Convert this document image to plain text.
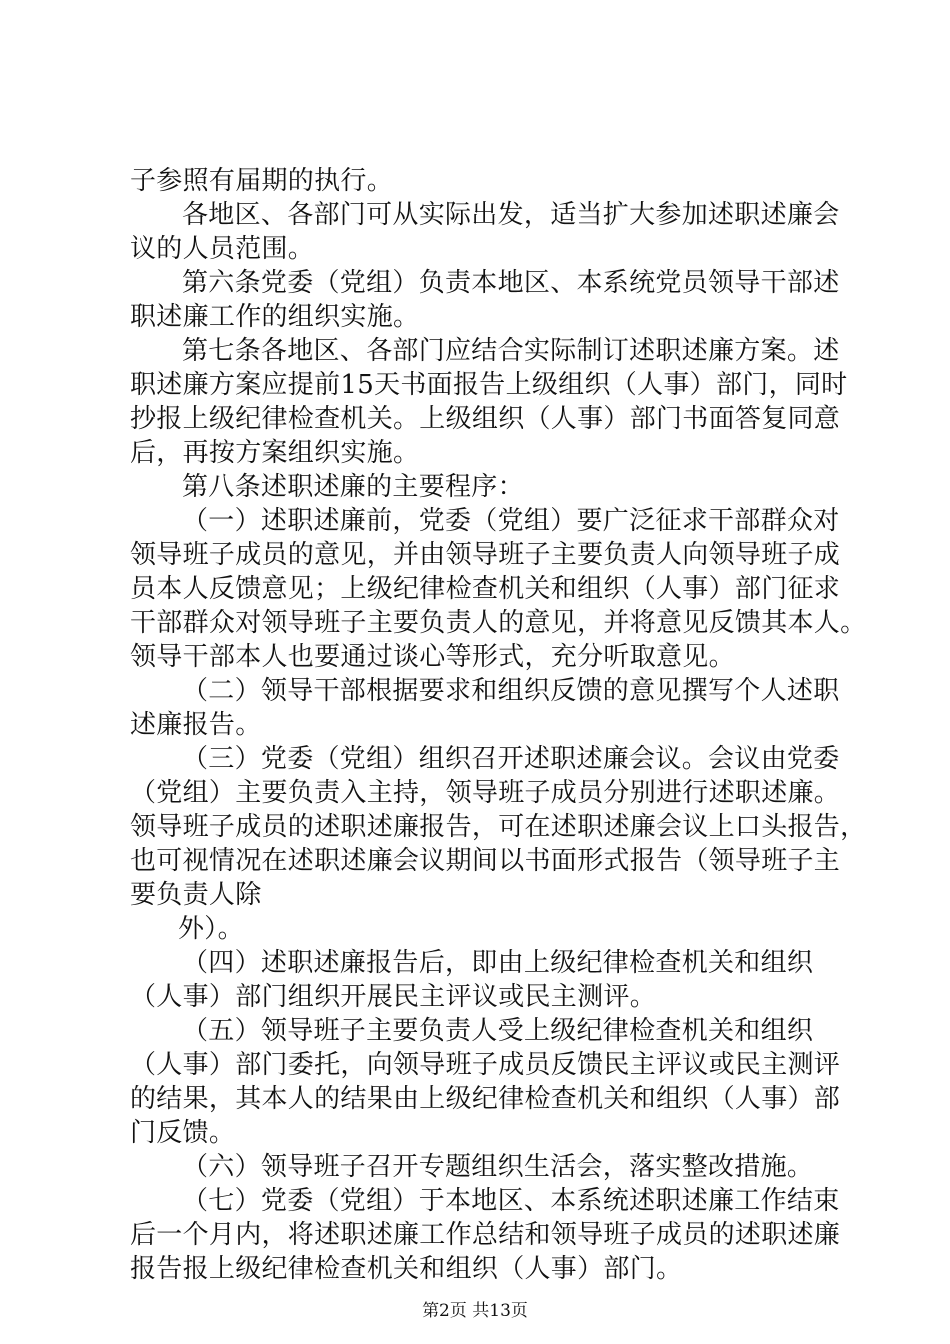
子参照有届期的执行。
各地区、各部门可从实际出发，适当扩大参加述职述廉会
议的人员范围。
第六条党委（党组）负责本地区、本系统党员领导干部述
职述廉工作的组织实施。
第七条各地区、各部门应结合实际制订述职述廉方案。述
职述廉方案应提前15天书面报告上级组织（人事）部门，同时
抄报上级纪律检查机关。上级组织（人事）部门书面答复同意
后，再按方案组织实施。
第八条述职述廉的主要程序：
（一）述职述廉前，党委（党组）要广泛征求干部群众对
领导班子成员的意见，并由领导班子主要负责人向领导班子成
员本人反馈意见；上级纪律检查机关和组织（人事）部门征求
干部群众对领导班子主要负责人的意见，并将意见反馈其本人。
领导干部本人也要通过谈心等形式，充分听取意见。
（二）领导干部根据要求和组织反馈的意见撰写个人述职
述廉报告。
（三）党委（党组）组织召开述职述廉会议。会议由党委
（党组）主要负责入主持，领导班子成员分别进行述职述廉。
领导班子成员的述职述廉报告，可在述职述廉会议上口头报告，
也可视情况在述职述廉会议期间以书面形式报告（领导班子主
要负责人除
外）。
（四）述职述廉报告后，即由上级纪律检查机关和组织
（人事）部门组织开展民主评议或民主测评。
（五）领导班子主要负责人受上级纪律检查机关和组织
（人事）部门委托，向领导班子成员反馈民主评议或民主测评
的结果，其本人的结果由上级纪律检查机关和组织（人事）部
门反馈。
（六）领导班子召开专题组织生活会，落实整改措施。
（七）党委（党组）于本地区、本系统述职述廉工作结束
后一个月内，将述职述廉工作总结和领导班子成员的述职述廉
报告报上级纪律检查机关和组织（人事）部门。
第2页 共13页
